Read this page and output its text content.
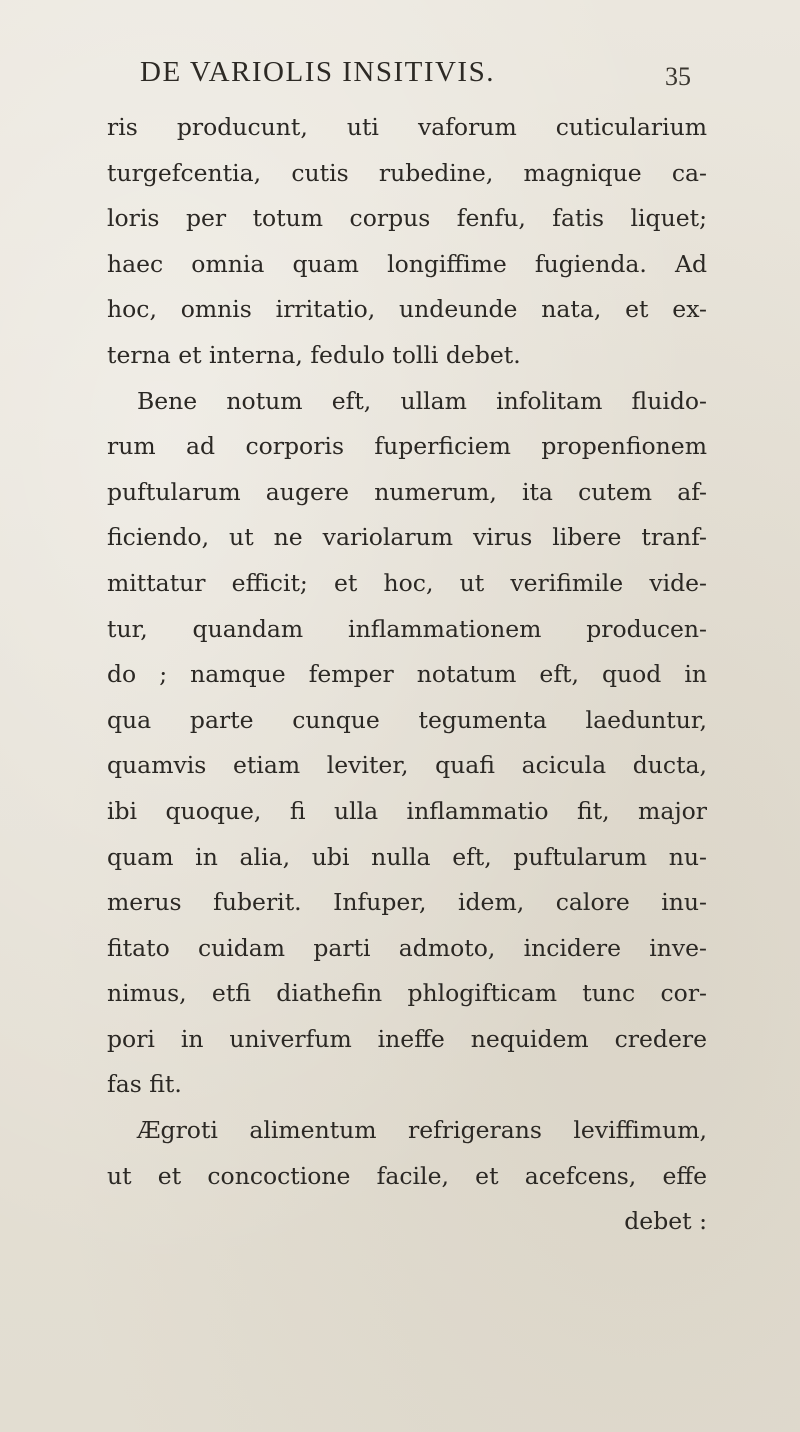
DE VARIOLIS INSITIVIS.	35
ris producunt, uti vaforum cuticularium
turgefcentia, cutis rubedine, magnique ca-
loris per totum corpus fenfu, fatis liquet;
haec omnia quam longiffime fugienda. Ad
hoc, omnis irritatio, undeunde nata, et ex-
terna et interna, fedulo tolli debet.
Bene notum eft, ullam infolitam fluido-
rum ad corporis fuperficiem propenfionem
puftularum augere numerum, ita cutem af-
ficiendo, ut ne variolarum virus libere tranf-
mittatur efficit; et hoc, ut verifimile vide-
tur, quandam inflammationem producen-
do ; namque femper notatum eft, quod in
qua parte cunque tegumenta laeduntur,
quamvis etiam leviter, quafi acicula ducta,
ibi quoque, fi ulla inflammatio fit, major
quam in alia, ubi nulla eft, puftularum nu-
merus fuberit. Infuper, idem, calore inu-
fitato cuidam parti admoto, incidere inve-
nimus, etfi diathefin phlogifticam tunc cor-
pori in univerfum ineffe nequidem credere
fas fit.
Ægroti alimentum refrigerans leviffimum,
ut et concoctione facile, et acefcens, effe
debet :
